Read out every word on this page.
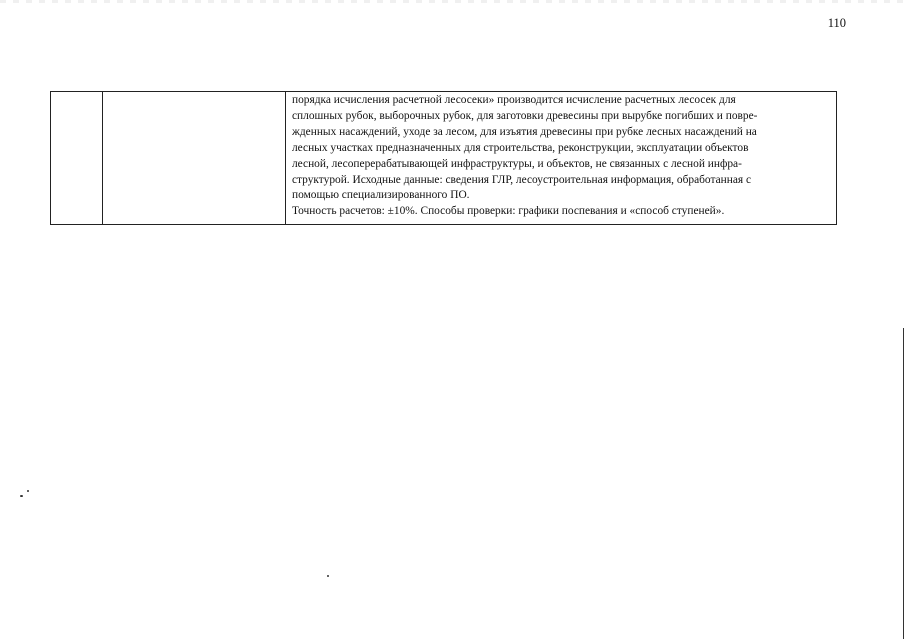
110

порядка исчисления расчетной лесосеки» производится исчисление расчетных лесосек для
сплошных рубок, выборочных рубок, для заготовки древесины при вырубке погибших и повре-
жденных насаждений, уходе за лесом, для изъятия древесины при рубке лесных насаждений на
лесных участках предназначенных для строительства, реконструкции, эксплуатации объектов
лесной, лесоперерабатывающей инфраструктуры, и объектов, не связанных с лесной инфра-
структурой. Исходные данные: сведения ГЛР, лесоустроительная информация, обработанная с
помощью специализированного ПО.
Точность расчетов: ±10%. Способы проверки: графики поспевания и «способ ступеней».
